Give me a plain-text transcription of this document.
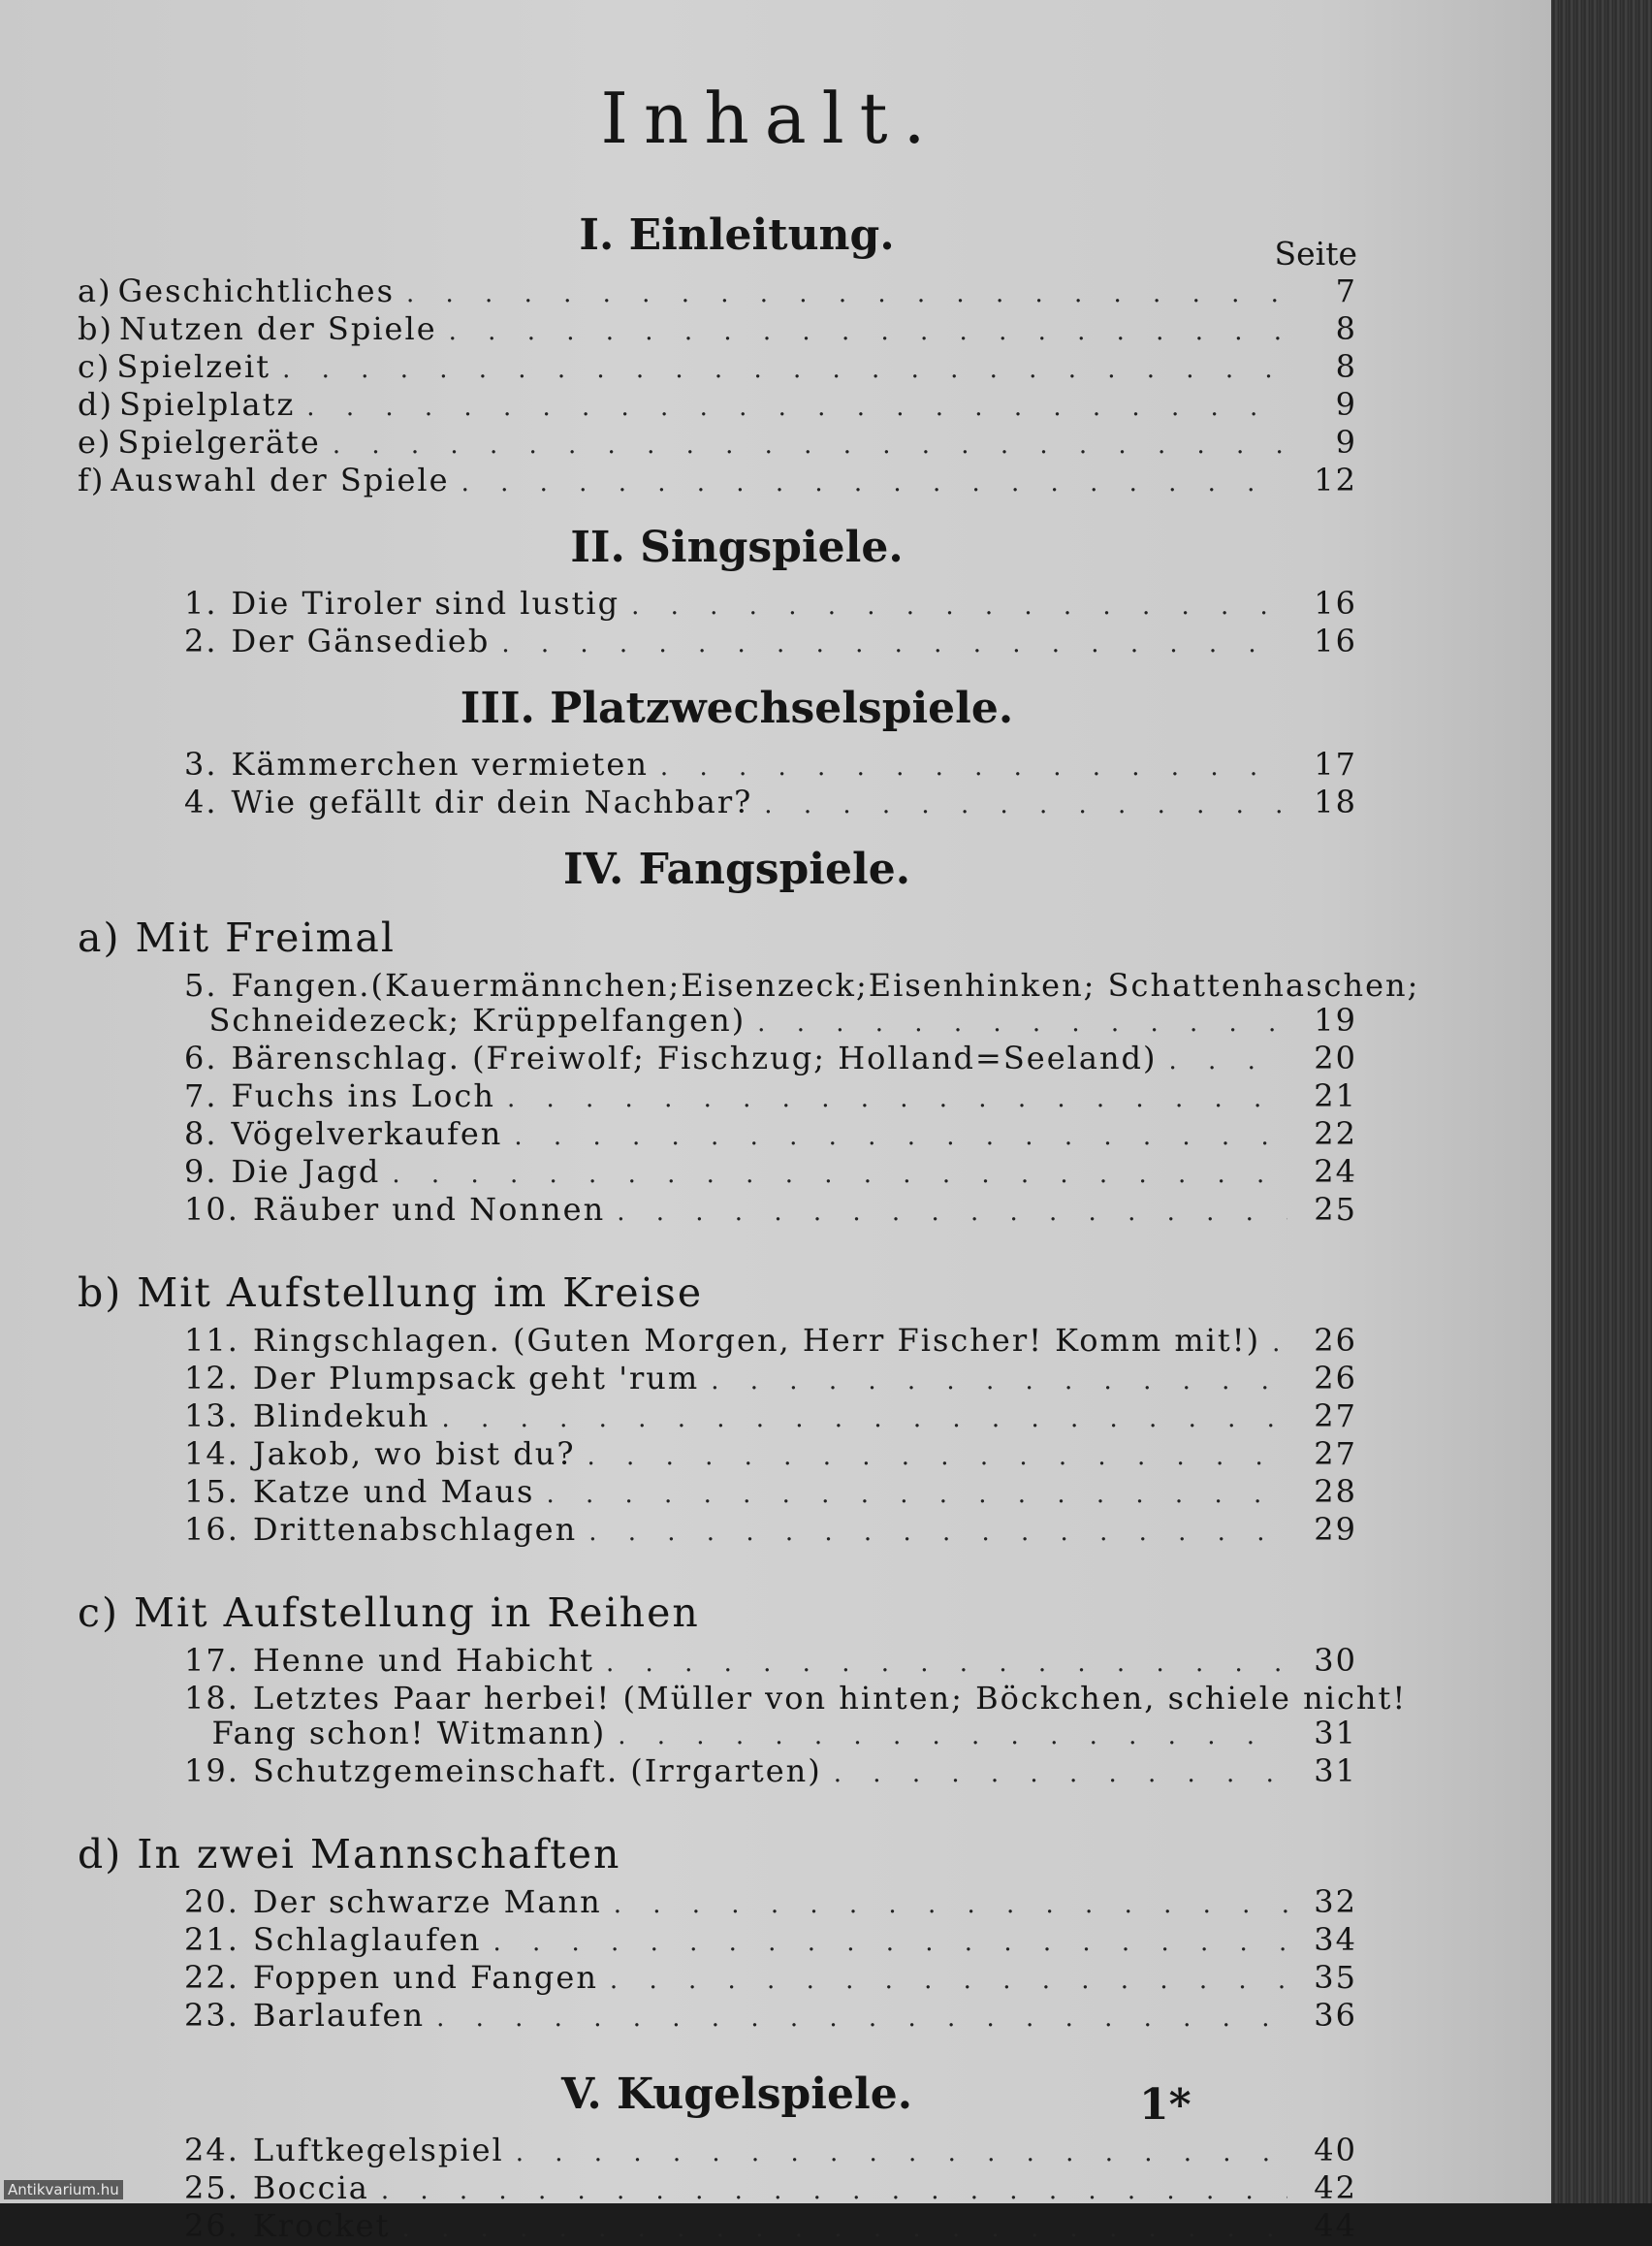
Inhalt.
I. Einleitung.	Seite
a) Geschichtliches . . .	7
b) Nutzen der Spiele . . .	8
c) Spielzeit . . .	8
d) Spielplatz . . .	9
e) Spielgeräte . . .	9
f) Auswahl der Spiele . . .	12
II. Singspiele.
1. Die Tiroler sind lustig . . .	16
2. Der Gänsedieb . . .	16
III. Platzwechselspiele.
3. Kämmerchen vermieten . . .	17
4. Wie gefällt dir dein Nachbar? . . .	18
IV. Fangspiele.
a) Mit Freimal
5. Fangen.(Kauermännchen;Eisenzeck;Eisenhinken; Schattenhaschen;
Schneidezeck; Krüppelfangen) . . .	19
6. Bärenschlag. (Freiwolf; Fischzug; Holland=Seeland) . . .	20
7. Fuchs ins Loch . . .	21
8. Vögelverkaufen . . .	22
9. Die Jagd . . .	24
10. Räuber und Nonnen . . .	25
b) Mit Aufstellung im Kreise
11. Ringschlagen. (Guten Morgen, Herr Fischer! Komm mit!) . . .	26
12. Der Plumpsack geht 'rum . . .	26
13. Blindekuh . . .	27
14. Jakob, wo bist du? . . .	27
15. Katze und Maus . . .	28
16. Drittenabschlagen . . .	29
c) Mit Aufstellung in Reihen
17. Henne und Habicht . . .	30
18. Letztes Paar herbei! (Müller von hinten; Böckchen, schiele nicht!
Fang schon! Witmann) . . .	31
19. Schutzgemeinschaft. (Irrgarten) . . .	31
d) In zwei Mannschaften
20. Der schwarze Mann . . .	32
21. Schlaglaufen . . .	34
22. Foppen und Fangen . . .	35
23. Barlaufen . . .	36
V. Kugelspiele.
24. Luftkegelspiel . . .	40
25. Boccia . . .	42
26. Krocket . . .	44
1*
Antikvarium.hu
